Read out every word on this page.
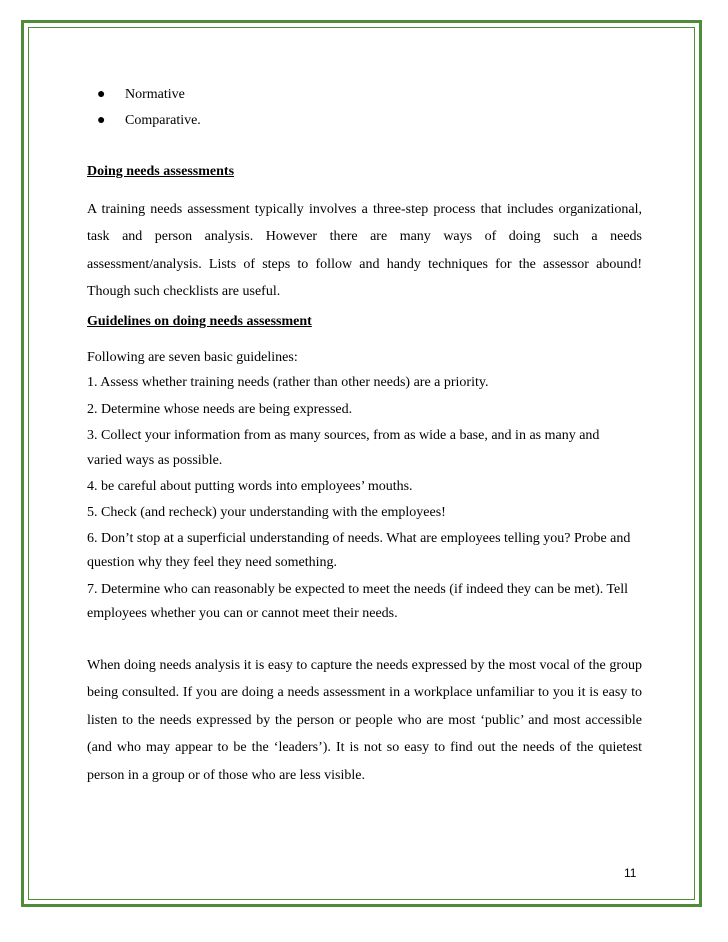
● Normative
● Comparative.
Doing needs assessments
A training needs assessment typically involves a three-step process that includes organizational, task and person analysis. However there are many ways of doing such a needs assessment/analysis. Lists of steps to follow and handy techniques for the assessor abound! Though such checklists are useful.
Guidelines on doing needs assessment
Following are seven basic guidelines:
1. Assess whether training needs (rather than other needs) are a priority.
2. Determine whose needs are being expressed.
3. Collect your information from as many sources, from as wide a base, and in as many and
varied ways as possible.
4. be careful about putting words into employees’ mouths.
5. Check (and recheck) your understanding with the employees!
6. Don’t stop at a superficial understanding of needs. What are employees telling you? Probe and
question why they feel they need something.
7. Determine who can reasonably be expected to meet the needs (if indeed they can be met). Tell
employees whether you can or cannot meet their needs.
When doing needs analysis it is easy to capture the needs expressed by the most vocal of the group being consulted. If you are doing a needs assessment in a workplace unfamiliar to you it is easy to listen to the needs expressed by the person or people who are most ‘public’ and most accessible (and who may appear to be the ‘leaders’). It is not so easy to find out the needs of the quietest person in a group or of those who are less visible.
11
